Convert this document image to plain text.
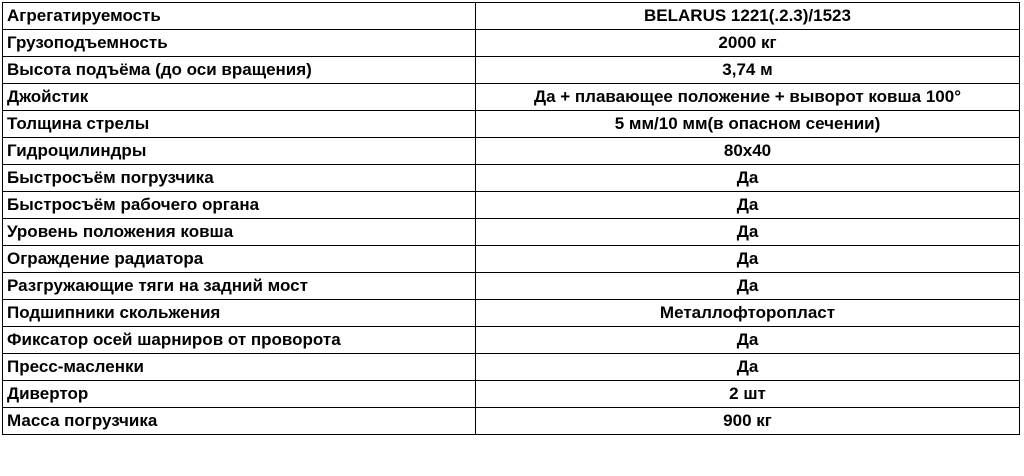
Агрегатируемость	BELARUS 1221(.2.3)/1523
Грузоподъемность	2000 кг
Высота подъёма (до оси вращения)	3,74 м
Джойстик	Да + плавающее положение + выворот ковша 100°
Толщина стрелы	5 мм/10 мм(в опасном сечении)
Гидроцилиндры	80x40
Быстросъём погрузчика	Да
Быстросъём рабочего органа	Да
Уровень положения ковша	Да
Ограждение радиатора	Да
Разгружающие тяги на задний мост	Да
Подшипники скольжения	Металлофторопласт
Фиксатор осей шарниров от проворота	Да
Пресс-масленки	Да
Дивертор	2 шт
Масса погрузчика	900 кг
